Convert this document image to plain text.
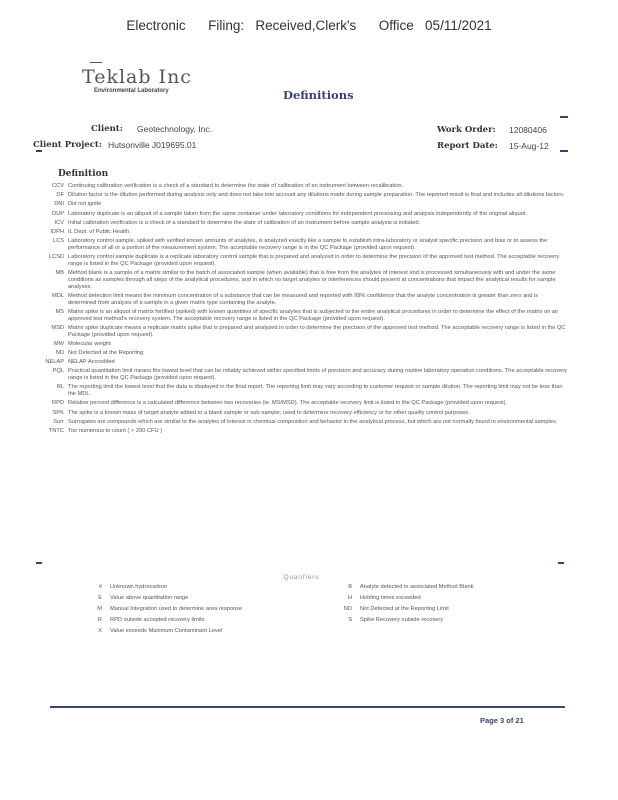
Electronic      Filing:   Received,Clerk's      Office   05/11/2021
Teklab Inc
Environmental Laboratory	Definitions
Client: Geotechnology, Inc.
Client Project: Hutsonville J019695.01
Work Order: 12080406
Report Date: 15-Aug-12
Definition
CCV Continuing calibration verification is a check of a standard to determine the state of calibration of an instrument between recalibration.
DF Dilution factor is the dilution performed during analysis only and does not take into account any dilutions made during sample preparation. The reported result is final and includes all dilutions factors.
DNI Did not ignite
DUP Laboratory duplicate is an aliquot of a sample taken from the same container under laboratory conditions for independent processing and analysis independently of the original aliquot.
ICV Initial calibration verification is a check of a standard to determine the state of calibration of an instrument before sample analysis is initiated.
IDPH IL Dept. of Public Health
LCS Laboratory control sample, spiked with verified known amounts of analytes, is analyzed exactly like a sample to establish intra-laboratory or analyst specific precision and bias or to assess the performance of all or a portion of the measurement system. The acceptable recovery range is in the QC Package (provided upon request).
LCSD Laboratory control sample duplicate is a replicate laboratory control sample that is prepared and analyzed in order to determine the precision of the approved test method. The acceptable recovery range is listed in the QC Package (provided upon request).
MB Method blank is a sample of a matrix similar to the batch of associated sample (when available) that is free from the analytes of interest and is processed simultaneously with and under the same conditions as samples through all steps of the analytical procedures, and in which no target analytes or interferences should present at concentrations that impact the analytical results for sample analyses.
MDL Method detection limit means the minimum concentration of a substance that can be measured and reported with 99% confidence that the analyte concentration is greater than zero and is determined from analysis of a sample in a given matrix type containing the analyte.
MS Matrix spike is an aliquot of matrix fortified (spiked) with known quantities of specific analytes that is subjected to the entire analytical procedures in order to determine the effect of the matrix on an approved test method's recovery system. The acceptable recovery range is listed in the QC Package (provided upon request).
MSD Matrix spike duplicate means a replicate matrix spike that is prepared and analyzed in order to determine the precision of the approved test method. The acceptable recovery range is listed in the QC Package (provided upon request).
MW Molecular weight
ND Not Detected at the Reporting
NELAP NELAP Accredited
PQL Practical quantitation limit means the lowest level that can be reliably achieved within specified limits of precision and accuracy during routine laboratory operation conditions. The acceptable recovery range is listed in the QC Package (provided upon request).
RL The reporting limit the lowest level that the data is displayed in the final report. The reporting limit may vary according to customer request or sample dilution. The reporting limit may not be less than the MDL.
RPD Relative percent difference is a calculated difference between two recoveries (ie. MS/MSD). The acceptable recovery limit is listed in the QC Package (provided upon request).
SPK The spike is a known mass of target analyte added to a blank sample or sub-sample; used to determine recovery efficiency or for other quality control purposes.
Surr Surrogates are compounds which are similar to the analytes of interest in chemical composition and behavior in the analytical process, but which are not normally found in environmental samples.
TNTC Too numerous to count ( > 200 CFU )
Qualifiers
#	Unknown hydrocarbon
E	Value above quantitation range
M	Manual Integration used to determine area response
R	RPD outside accepted recovery limits
X	Value exceeds Maximum Contaminant Level
B	Analyte detected in associated Method Blank
H	Holding times exceeded
ND	Not Detected at the Reporting Limit
S	Spike Recovery outside recovery
Page 3 of 21
